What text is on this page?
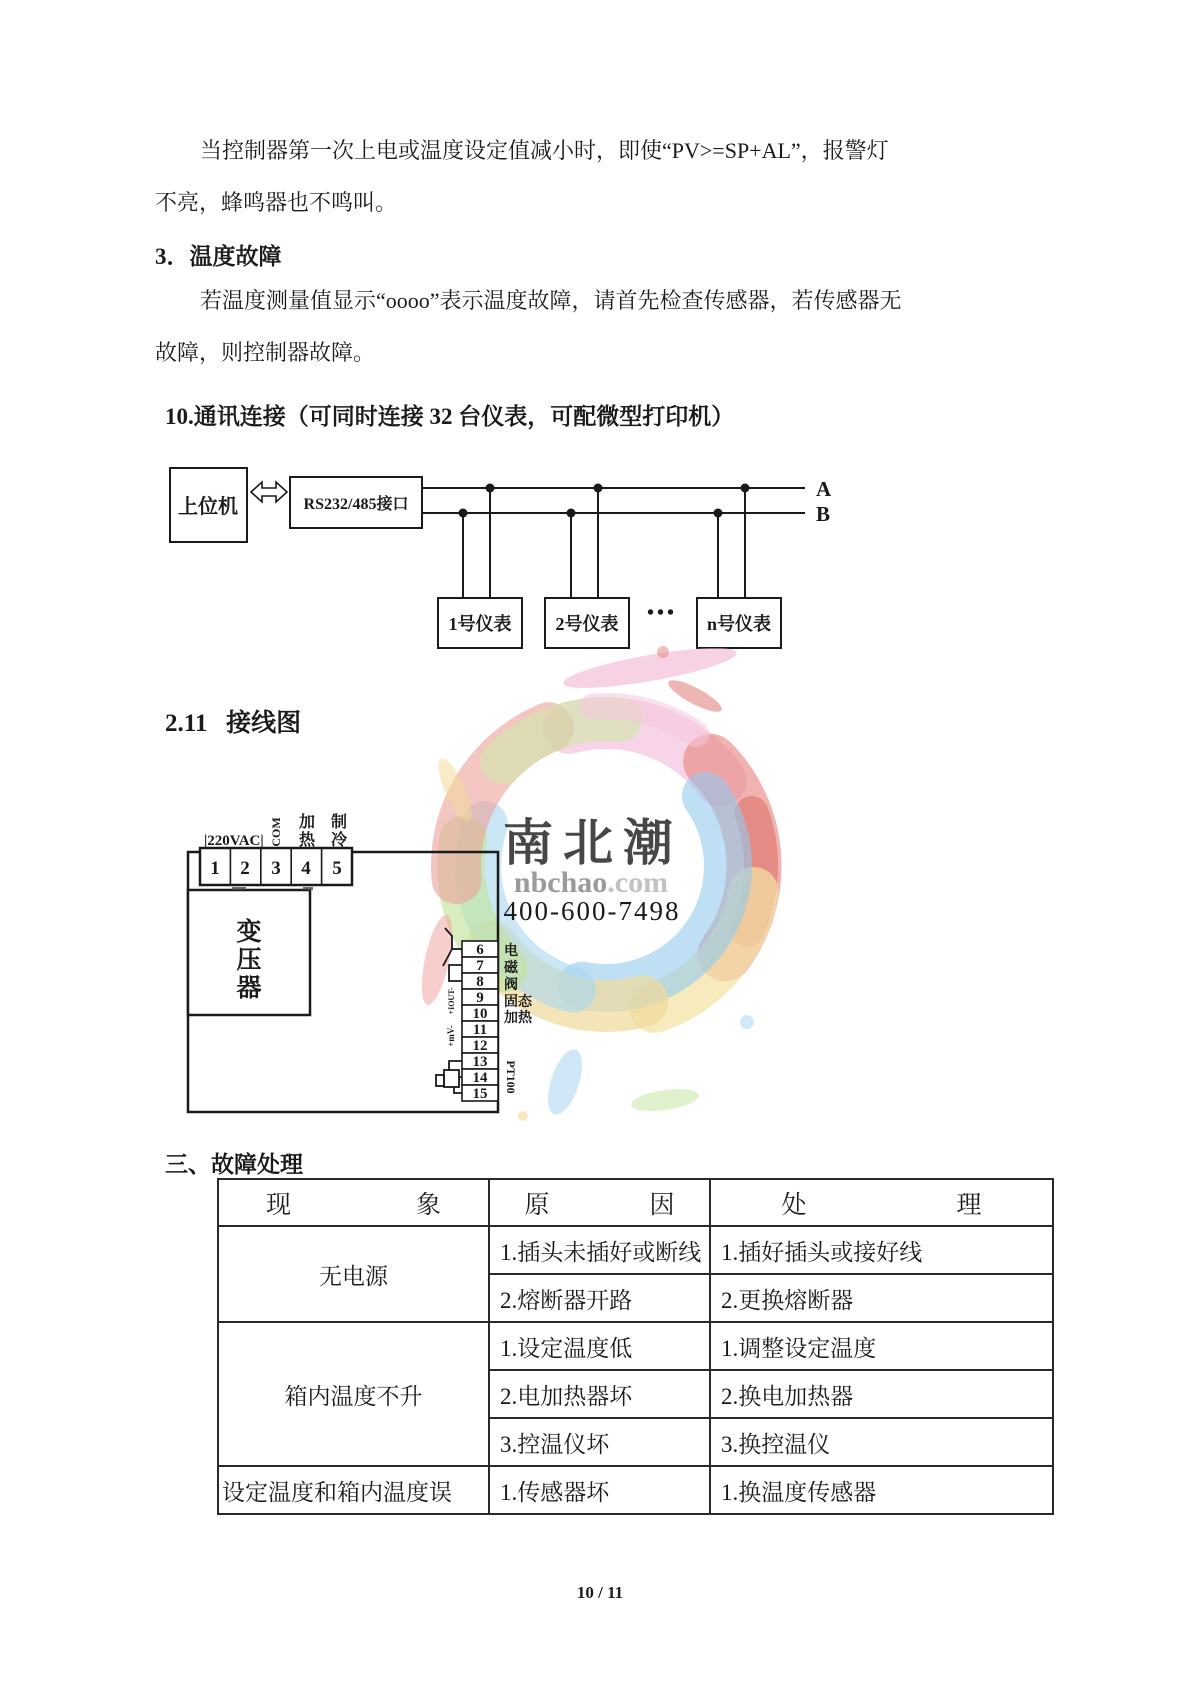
当控制器第一次上电或温度设定值减小时，即使“PV>=SP+AL”，报警灯
不亮，蜂鸣器也不鸣叫。
3．温度故障
若温度测量值显示“oooo”表示温度故障，请首先检查传感器，若传感器无
故障，则控制器故障。
10.通讯连接（可同时连接 32 台仪表，可配微型打印机）
上位机	RS232/485接口
A
B
1号仪表 2号仪表 ••• n号仪表
2.11   接线图
南北潮
nbchao.com
400-600-7498
|220VAC| COM 加
热
制
冷
1 2 3 4 5
变
压
器
6
7
8
9
10
11
12
13
14
15
电
磁
阀
固态
加热
+IOUT-
+mV-
PT100
三、故障处理
现　　　　　象	原　　　　因	处　　　　　　理
无电源	1.插头未插好或断线	1.插好插头或接好线
	2.熔断器开路	2.更换熔断器
箱内温度不升	1.设定温度低	1.调整设定温度
	2.电加热器坏	2.换电加热器
	3.控温仪坏	3.换控温仪
设定温度和箱内温度误	1.传感器坏	1.换温度传感器
10 / 11
